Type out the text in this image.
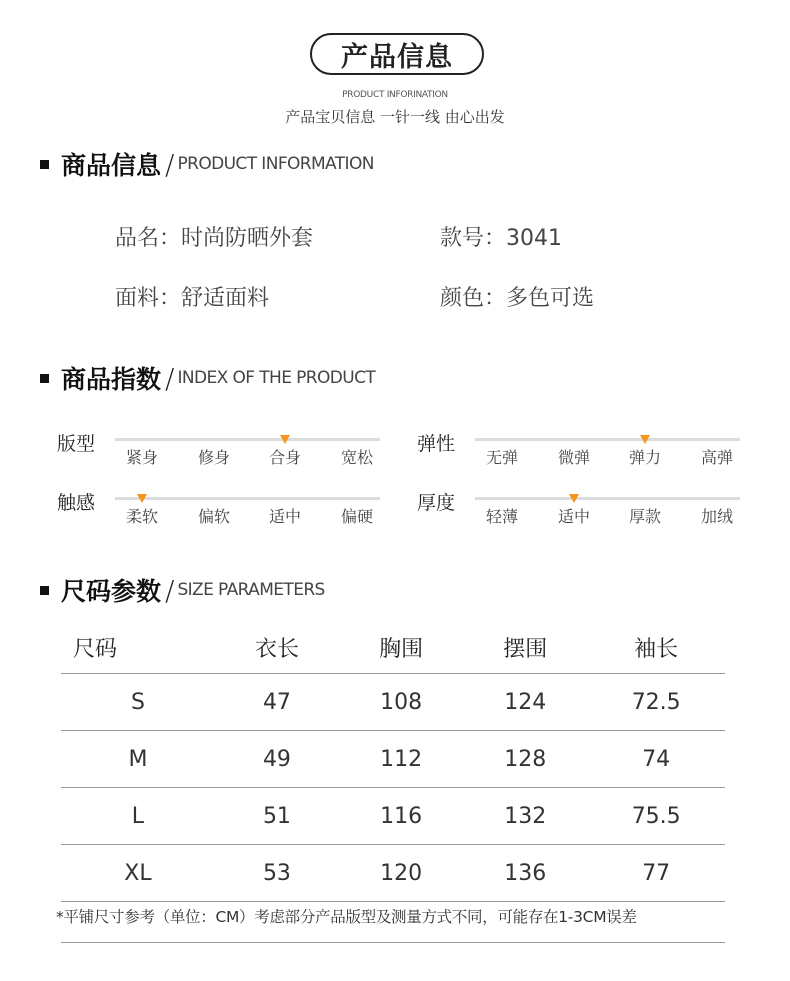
产品信息
PRODUCT INFORINATION
产品宝贝信息 一针一线 由心出发
商品信息 / PRODUCT INFORMATION
品名：时尚防晒外套	款号：3041
面料：舒适面料	颜色：多色可选
商品指数 / INDEX OF THE PRODUCT
版型
紧身	修身	合身	宽松
弹性
无弹	微弹	弹力	高弹
触感
柔软	偏软	适中	偏硬
厚度
轻薄	适中	厚款	加绒
尺码参数 / SIZE PARAMETERS
尺码	衣长	胸围	摆围	袖长
S	47	108	124	72.5
M	49	112	128	74
L	51	116	132	75.5
XL	53	120	136	77
*平铺尺寸参考（单位：CM）考虑部分产品版型及测量方式不同，可能存在1-3CM误差
